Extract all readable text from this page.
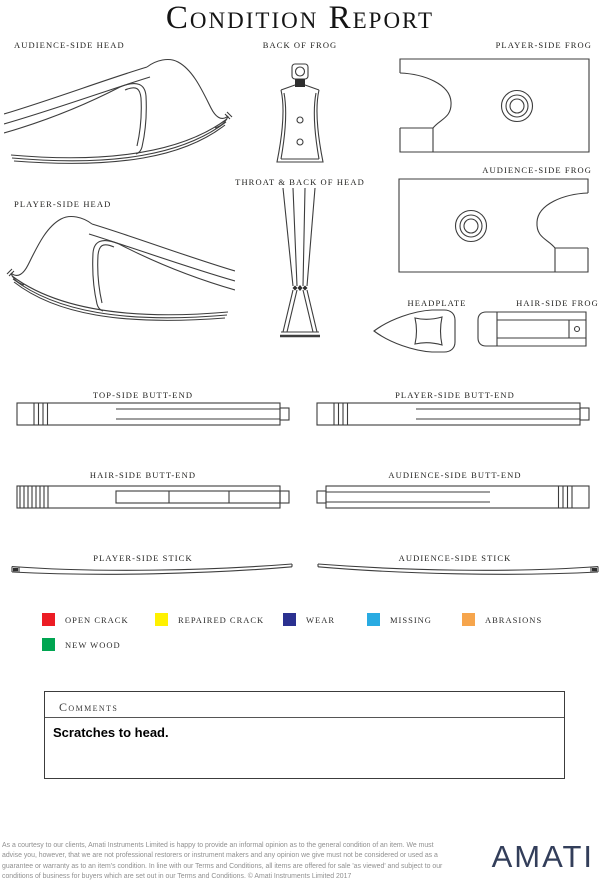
Condition Report
AUDIENCE-SIDE HEAD	BACK OF FROG	PLAYER-SIDE FROG
AUDIENCE-SIDE FROG
PLAYER-SIDE HEAD
THROAT & BACK OF HEAD
HEADPLATE	HAIR-SIDE FROG
TOP-SIDE BUTT-END	PLAYER-SIDE BUTT-END
HAIR-SIDE BUTT-END	AUDIENCE-SIDE BUTT-END
PLAYER-SIDE STICK	AUDIENCE-SIDE STICK
OPEN CRACK	REPAIRED CRACK	WEAR	MISSING	ABRASIONS
NEW WOOD
Comments
Scratches to head.
As a courtesy to our clients, Amati Instruments Limited is happy to provide an informal opinion as to the general condition of an item. We must advise you, however, that we are not professional restorers or instrument makers and any opinion we give must not be considered or used as a guarantee or warranty as to an item's condition. In line with our Terms and Conditions, all items are offered for sale 'as viewed' and subject to our conditions of business for buyers which are set out in our Terms and Conditions. © Amati Instruments Limited 2017
AMATI
